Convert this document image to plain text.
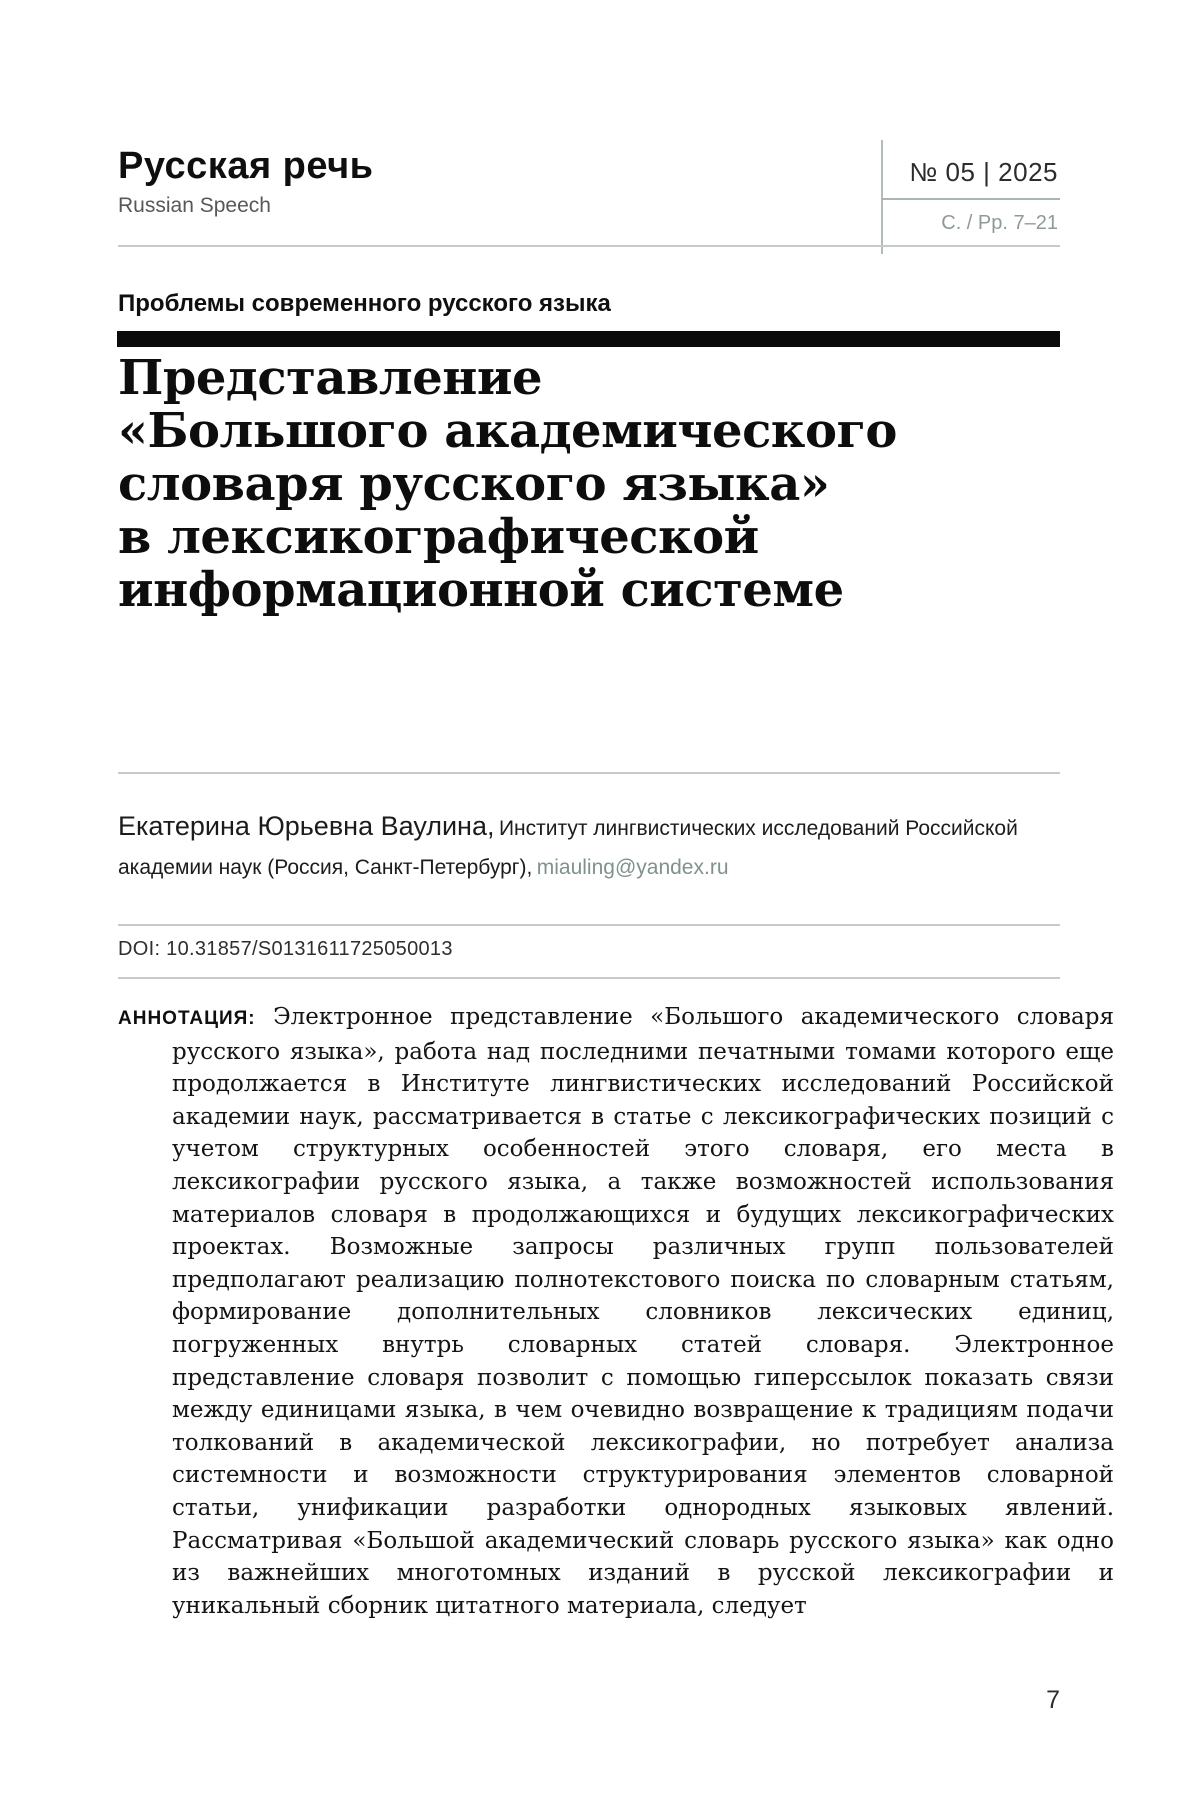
Русская речь
Russian Speech
№ 05 | 2025
С. / Pp. 7–21
Проблемы современного русского языка
Представление
«Большого академического
словаря русского языка»
в лексикографической
информационной системе
Екатерина Юрьевна Ваулина, Институт лингвистических исследований Российской
академии наук (Россия, Санкт-Петербург), miauling@yandex.ru
DOI: 10.31857/S0131611725050013

АННОТАЦИЯ: Электронное представление «Большого академического словаря русского языка», работа над последними печатными томами которого еще продолжается в Институте лингвистических исследований Российской академии наук, рассматривается в статье с лексикографических позиций с учетом структурных особенностей этого словаря, его места в лексикографии русского языка, а также возможностей использования материалов словаря в продолжающихся и будущих лексикографических проектах. Возможные запросы различных групп пользователей предполагают реализацию полнотекстового поиска по словарным статьям, формирование дополнительных словников лексических единиц, погруженных внутрь словарных статей словаря. Электронное представление словаря позволит с помощью гиперссылок показать связи между единицами языка, в чем очевидно возвращение к традициям подачи толкований в академической лексикографии, но потребует анализа системности и возможности структурирования элементов словарной статьи, унификации разработки однородных языковых явлений. Рассматривая «Большой академический словарь русского языка» как одно из важнейших многотомных изданий в русской лексикографии и уникальный сборник цитатного материала, следует

7
